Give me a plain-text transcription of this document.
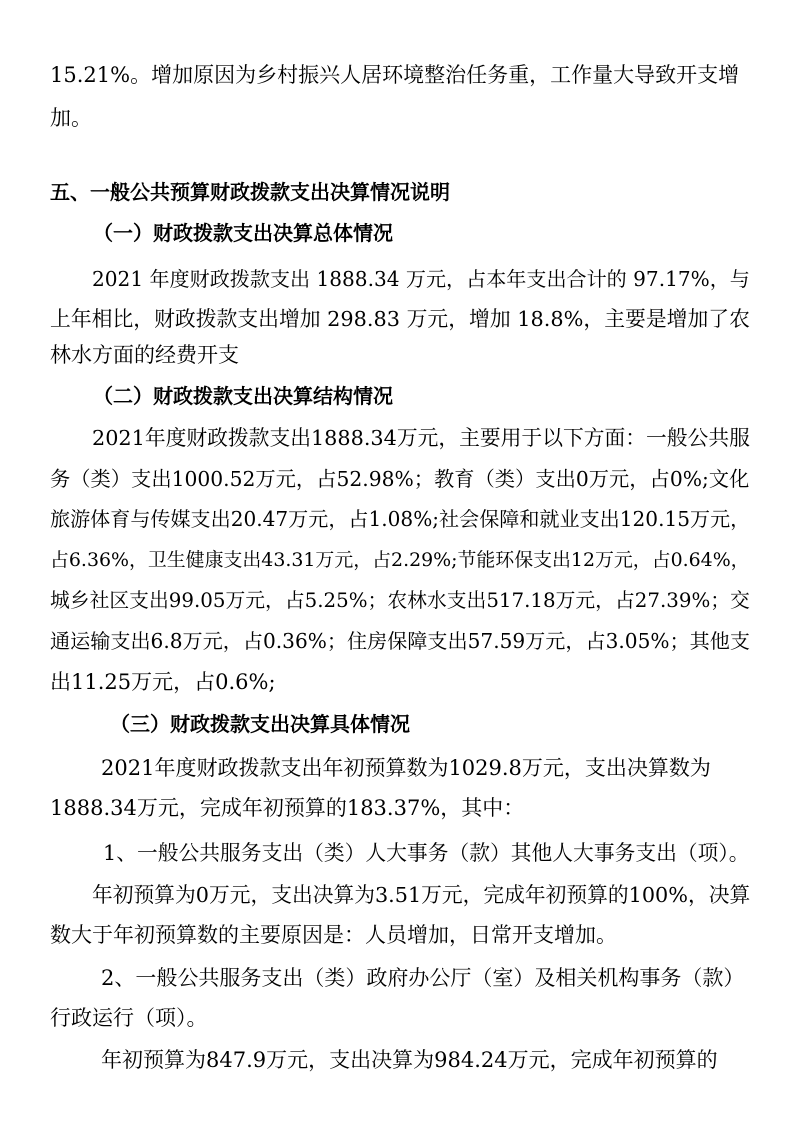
15.21%。增加原因为乡村振兴人居环境整治任务重，工作量大导致开支增
加。
五、一般公共预算财政拨款支出决算情况说明
（一）财政拨款支出决算总体情况
2021 年度财政拨款支出 1888.34 万元，占本年支出合计的 97.17%，与
上年相比，财政拨款支出增加 298.83 万元，增加 18.8%，主要是增加了农
林水方面的经费开支
（二）财政拨款支出决算结构情况
2021年度财政拨款支出1888.34万元，主要用于以下方面：一般公共服
务（类）支出1000.52万元，占52.98%；教育（类）支出0万元，占0%;文化
旅游体育与传媒支出20.47万元，占1.08%;社会保障和就业支出120.15万元，
占6.36%，卫生健康支出43.31万元，占2.29%;节能环保支出12万元，占0.64%，
城乡社区支出99.05万元，占5.25%；农林水支出517.18万元，占27.39%；交
通运输支出6.8万元，占0.36%；住房保障支出57.59万元，占3.05%；其他支
出11.25万元，占0.6%;
（三）财政拨款支出决算具体情况
2021年度财政拨款支出年初预算数为1029.8万元，支出决算数为
1888.34万元，完成年初预算的183.37%，其中：
1、一般公共服务支出（类）人大事务（款）其他人大事务支出（项）。
年初预算为0万元，支出决算为3.51万元，完成年初预算的100%，决算
数大于年初预算数的主要原因是：人员增加，日常开支增加。
2、一般公共服务支出（类）政府办公厅（室）及相关机构事务（款）
行政运行（项）。
年初预算为847.9万元，支出决算为984.24万元，完成年初预算的
